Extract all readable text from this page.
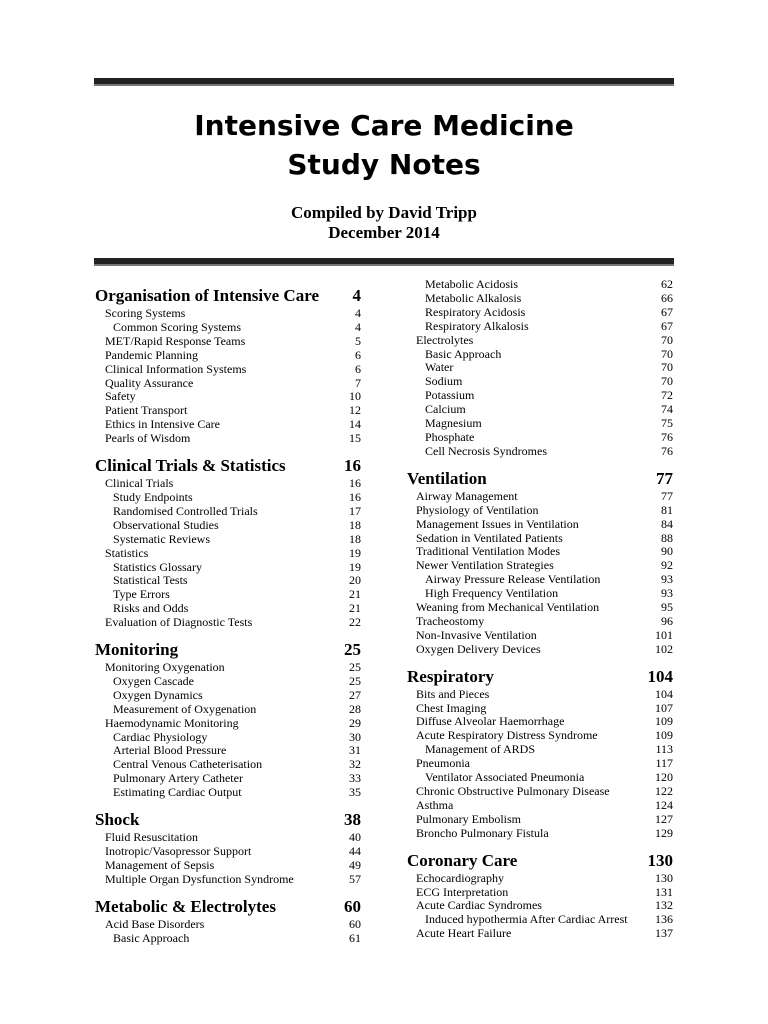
Intensive Care Medicine
Study Notes
Compiled by David Tripp
December 2014
Organisation of Intensive Care 4
Scoring Systems	4
Common Scoring Systems	4
MET/Rapid Response Teams	5
Pandemic Planning	6
Clinical Information Systems	6
Quality Assurance	7
Safety	10
Patient Transport	12
Ethics in Intensive Care	14
Pearls of Wisdom	15
Clinical Trials & Statistics	16
Clinical Trials	16
Study Endpoints	16
Randomised Controlled Trials	17
Observational Studies	18
Systematic Reviews	18
Statistics	19
Statistics Glossary	19
Statistical Tests	20
Type Errors	21
Risks and Odds	21
Evaluation of Diagnostic Tests	22
Monitoring	25
Monitoring Oxygenation	25
Oxygen Cascade	25
Oxygen Dynamics	27
Measurement of Oxygenation	28
Haemodynamic Monitoring	29
Cardiac Physiology	30
Arterial Blood Pressure	31
Central Venous Catheterisation	32
Pulmonary Artery Catheter	33
Estimating Cardiac Output	35
Shock	38
Fluid Resuscitation	40
Inotropic/Vasopressor Support	44
Management of Sepsis	49
Multiple Organ Dysfunction Syndrome	57
Metabolic & Electrolytes	60
Acid Base Disorders	60
Basic Approach	61
Metabolic Acidosis	62
Metabolic Alkalosis	66
Respiratory Acidosis	67
Respiratory Alkalosis	67
Electrolytes	70
Basic Approach	70
Water	70
Sodium	70
Potassium	72
Calcium	74
Magnesium	75
Phosphate	76
Cell Necrosis Syndromes	76
Ventilation	77
Airway Management	77
Physiology of Ventilation	81
Management Issues in Ventilation	84
Sedation in Ventilated Patients	88
Traditional Ventilation Modes	90
Newer Ventilation Strategies	92
Airway Pressure Release Ventilation	93
High Frequency Ventilation	93
Weaning from Mechanical Ventilation	95
Tracheostomy	96
Non-Invasive Ventilation	101
Oxygen Delivery Devices	102
Respiratory	104
Bits and Pieces	104
Chest Imaging	107
Diffuse Alveolar Haemorrhage	109
Acute Respiratory Distress Syndrome	109
Management of ARDS	113
Pneumonia	117
Ventilator Associated Pneumonia	120
Chronic Obstructive Pulmonary Disease	122
Asthma	124
Pulmonary Embolism	127
Broncho Pulmonary Fistula	129
Coronary Care	130
Echocardiography	130
ECG Interpretation	131
Acute Cardiac Syndromes	132
Induced hypothermia After Cardiac Arrest 136
Acute Heart Failure	137
